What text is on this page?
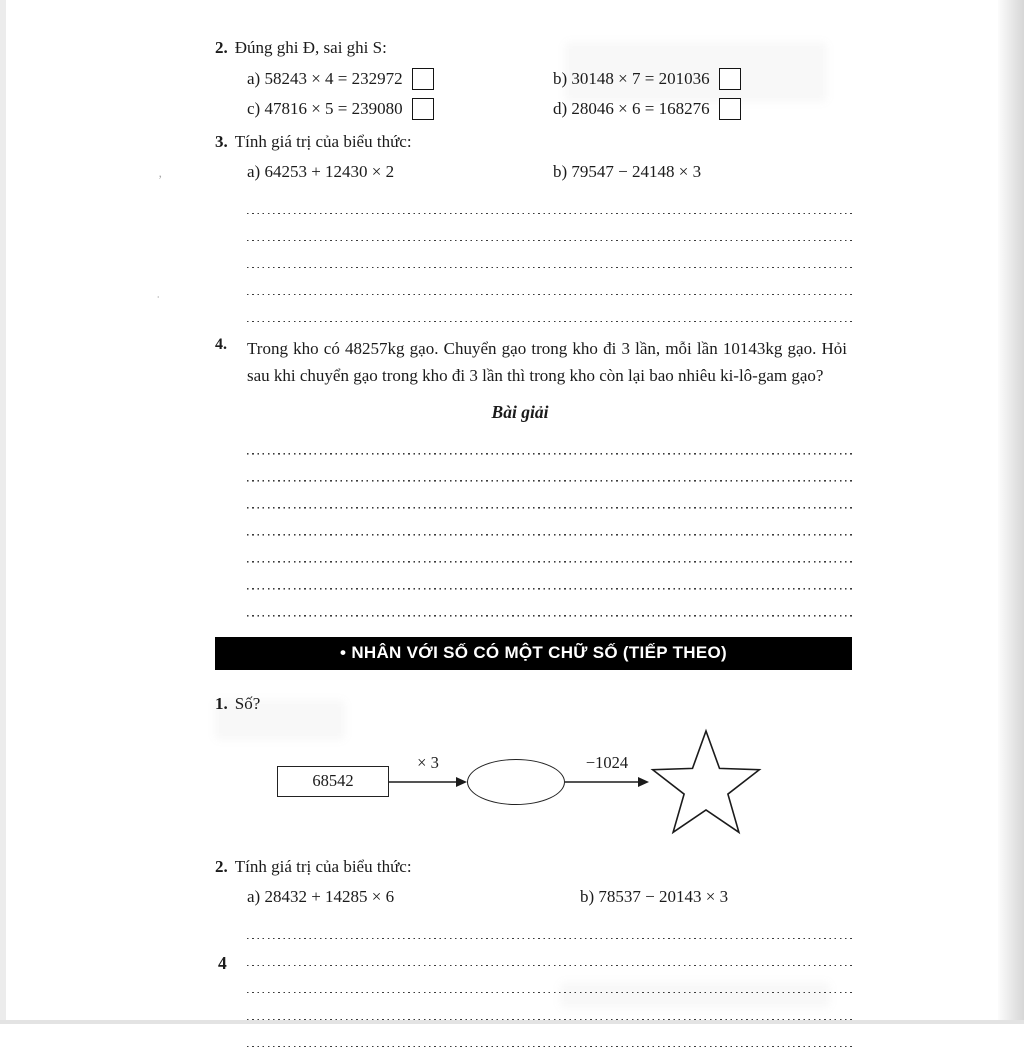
ʼ
ˌ
2. Đúng ghi Đ, sai ghi S:
a) 58243 × 4 = 232972	b) 30148 × 7 = 201036
c) 47816 × 5 = 239080	d) 28046 × 6 = 168276
3. Tính giá trị của biểu thức:
a) 64253 + 12430 × 2	b) 79547 − 24148 × 3
4. Trong kho có 48257kg gạo. Chuyển gạo trong kho đi 3 lần, mỗi lần 10143kg gạo. Hỏi sau khi chuyển gạo trong kho đi 3 lần thì trong kho còn lại bao nhiêu ki-lô-gam gạo?
Bài giải
• NHÂN VỚI SỐ CÓ MỘT CHỮ SỐ (TIẾP THEO)
1. Số?
68542
× 3	−1024
2. Tính giá trị của biểu thức:
a) 28432 + 14285 × 6	b) 78537 − 20143 × 3
4
